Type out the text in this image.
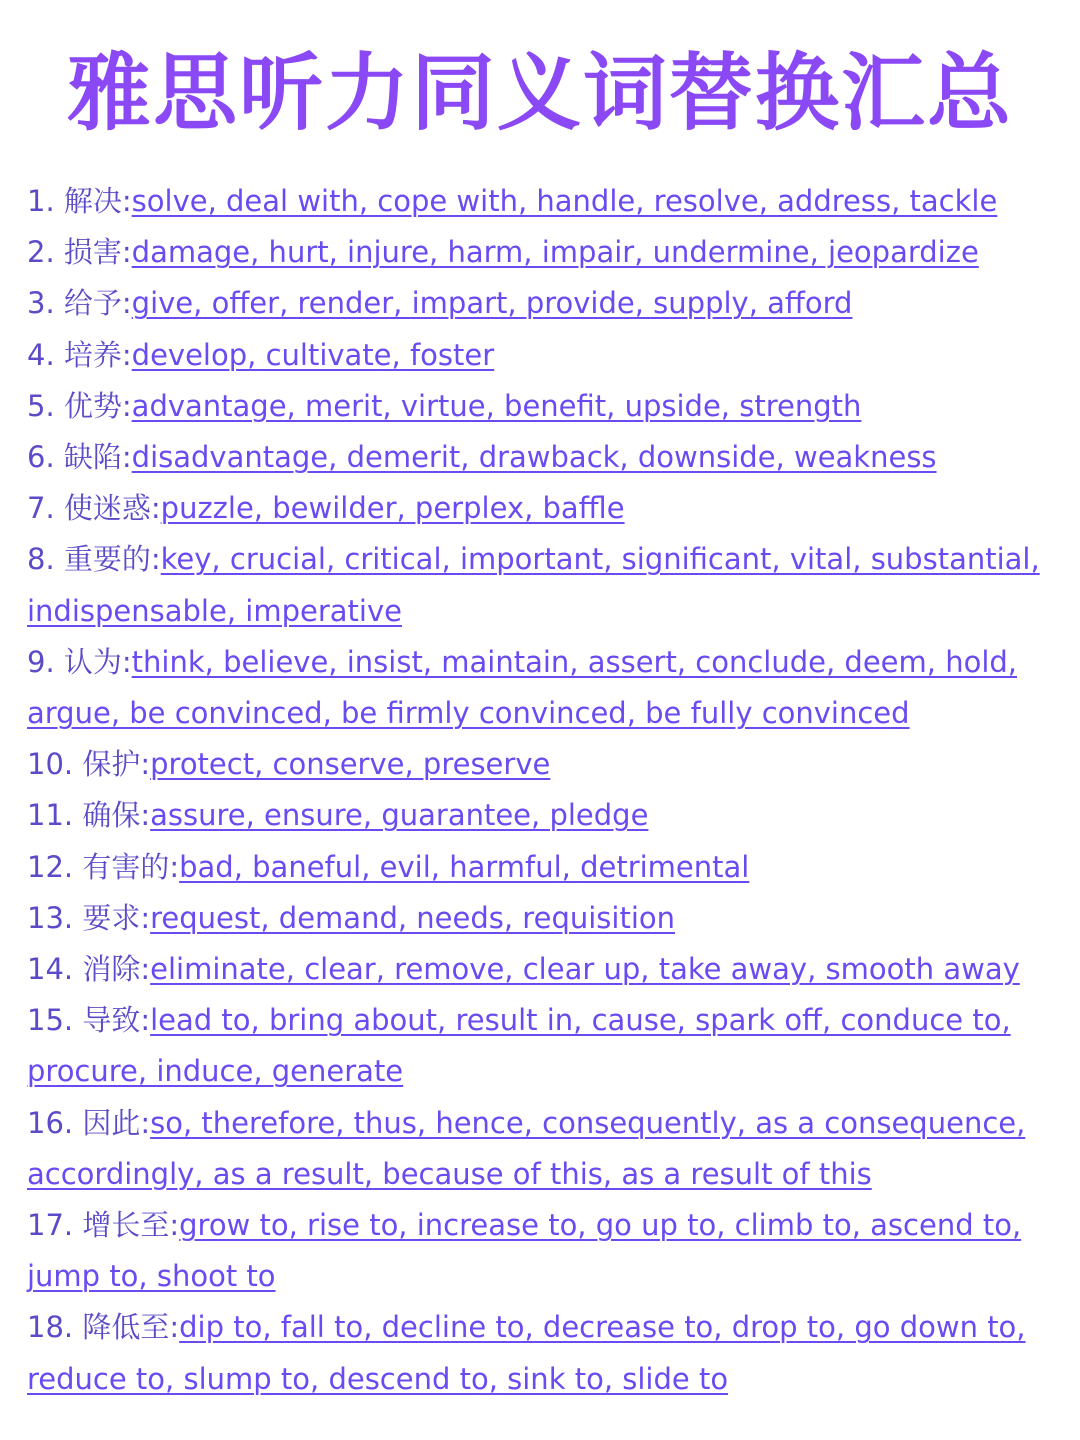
雅思听力同义词替换汇总
1. 解决:solve, deal with, cope with, handle, resolve, address, tackle
2. 损害:damage, hurt, injure, harm, impair, undermine, jeopardize
3. 给予:give, offer, render, impart, provide, supply, afford
4. 培养:develop, cultivate, foster
5. 优势:advantage, merit, virtue, benefit, upside, strength
6. 缺陷:disadvantage, demerit, drawback, downside, weakness
7. 使迷惑:puzzle, bewilder, perplex, baffle
8. 重要的:key, crucial, critical, important, significant, vital, substantial, indispensable, imperative
9. 认为:think, believe, insist, maintain, assert, conclude, deem, hold, argue, be convinced, be firmly convinced, be fully convinced
10. 保护:protect, conserve, preserve
11. 确保:assure, ensure, guarantee, pledge
12. 有害的:bad, baneful, evil, harmful, detrimental
13. 要求:request, demand, needs, requisition
14. 消除:eliminate, clear, remove, clear up, take away, smooth away
15. 导致:lead to, bring about, result in, cause, spark off, conduce to, procure, induce, generate
16. 因此:so, therefore, thus, hence, consequently, as a consequence, accordingly, as a result, because of this, as a result of this
17. 增长至:grow to, rise to, increase to, go up to, climb to, ascend to, jump to, shoot to
18. 降低至:dip to, fall to, decline to, decrease to, drop to, go down to, reduce to, slump to, descend to, sink to, slide to
